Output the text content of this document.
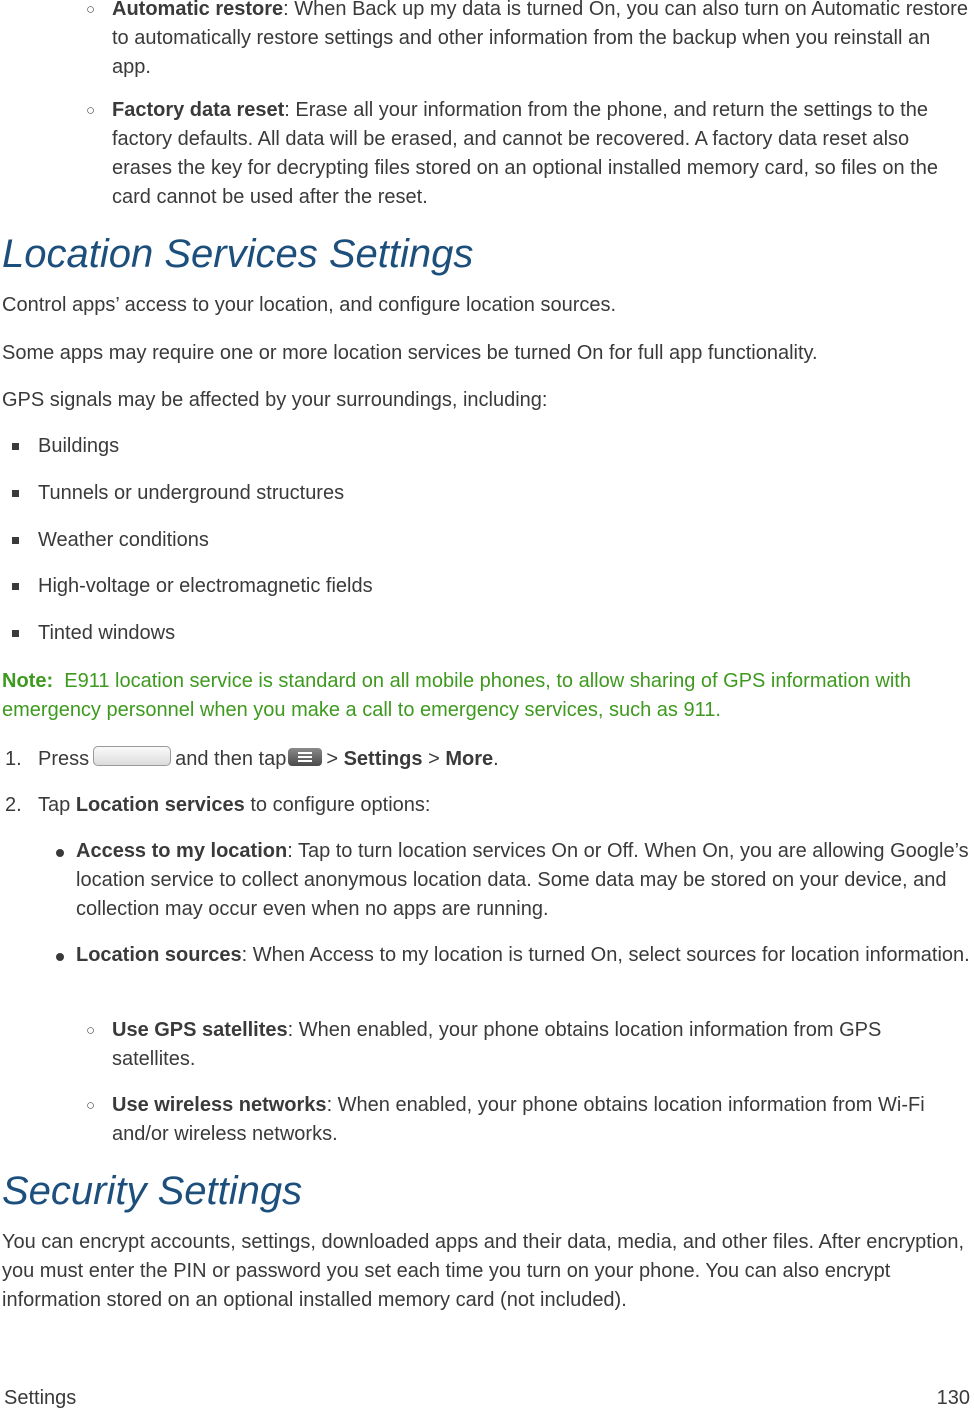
○ Automatic restore: When Back up my data is turned On, you can also turn on Automatic restore to automatically restore settings and other information from the backup when you reinstall an app.
○ Factory data reset: Erase all your information from the phone, and return the settings to the factory defaults. All data will be erased, and cannot be recovered. A factory data reset also erases the key for decrypting files stored on an optional installed memory card, so files on the card cannot be used after the reset.
Location Services Settings
Control apps’ access to your location, and configure location sources.
Some apps may require one or more location services be turned On for full app functionality.
GPS signals may be affected by your surroundings, including:
Buildings
Tunnels or underground structures
Weather conditions
High-voltage or electromagnetic fields
Tinted windows
Note: E911 location service is standard on all mobile phones, to allow sharing of GPS information with emergency personnel when you make a call to emergency services, such as 911.
1. Press	and then tap > Settings > More.
2. Tap Location services to configure options:
Access to my location: Tap to turn location services On or Off. When On, you are allowing Google’s location service to collect anonymous location data. Some data may be stored on your device, and collection may occur even when no apps are running.
Location sources: When Access to my location is turned On, select sources for location information.
○ Use GPS satellites: When enabled, your phone obtains location information from GPS satellites.
○ Use wireless networks: When enabled, your phone obtains location information from Wi-Fi and/or wireless networks.
Security Settings
You can encrypt accounts, settings, downloaded apps and their data, media, and other files. After encryption, you must enter the PIN or password you set each time you turn on your phone. You can also encrypt information stored on an optional installed memory card (not included).
Settings	130
